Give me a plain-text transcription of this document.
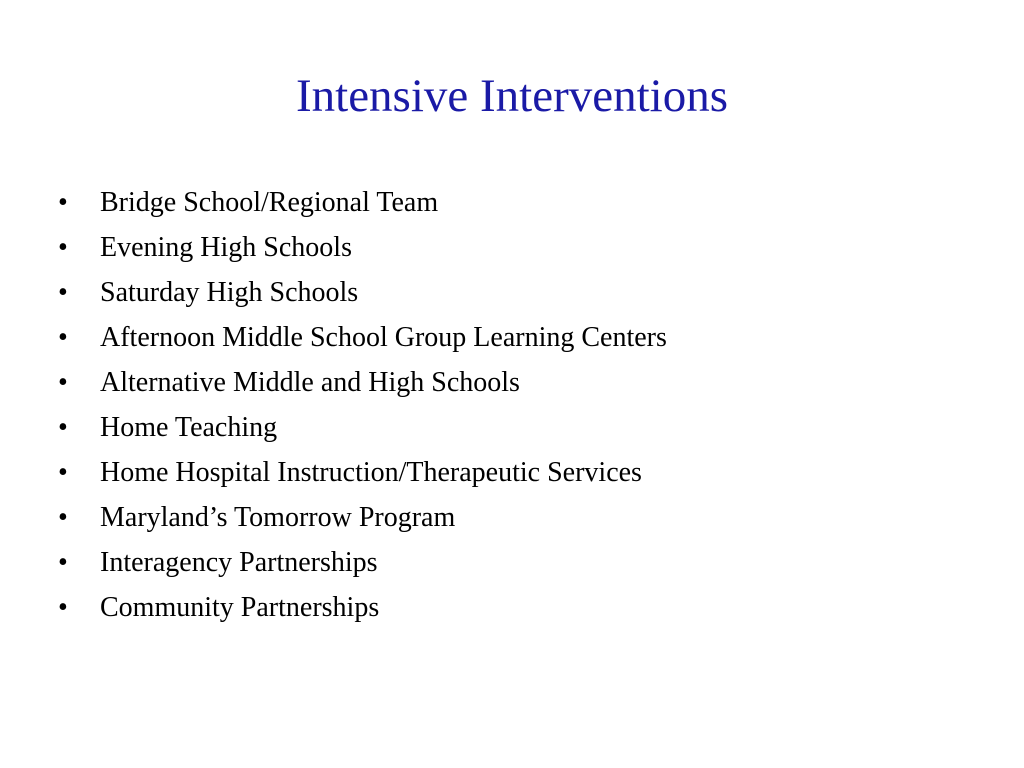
Intensive Interventions
•	Bridge School/Regional Team
•	Evening High Schools
•	Saturday High Schools
•	Afternoon Middle School Group Learning Centers
•	Alternative Middle and High Schools
•	Home Teaching
•	Home Hospital Instruction/Therapeutic Services
•	Maryland’s Tomorrow Program
•	Interagency Partnerships
•	Community Partnerships
